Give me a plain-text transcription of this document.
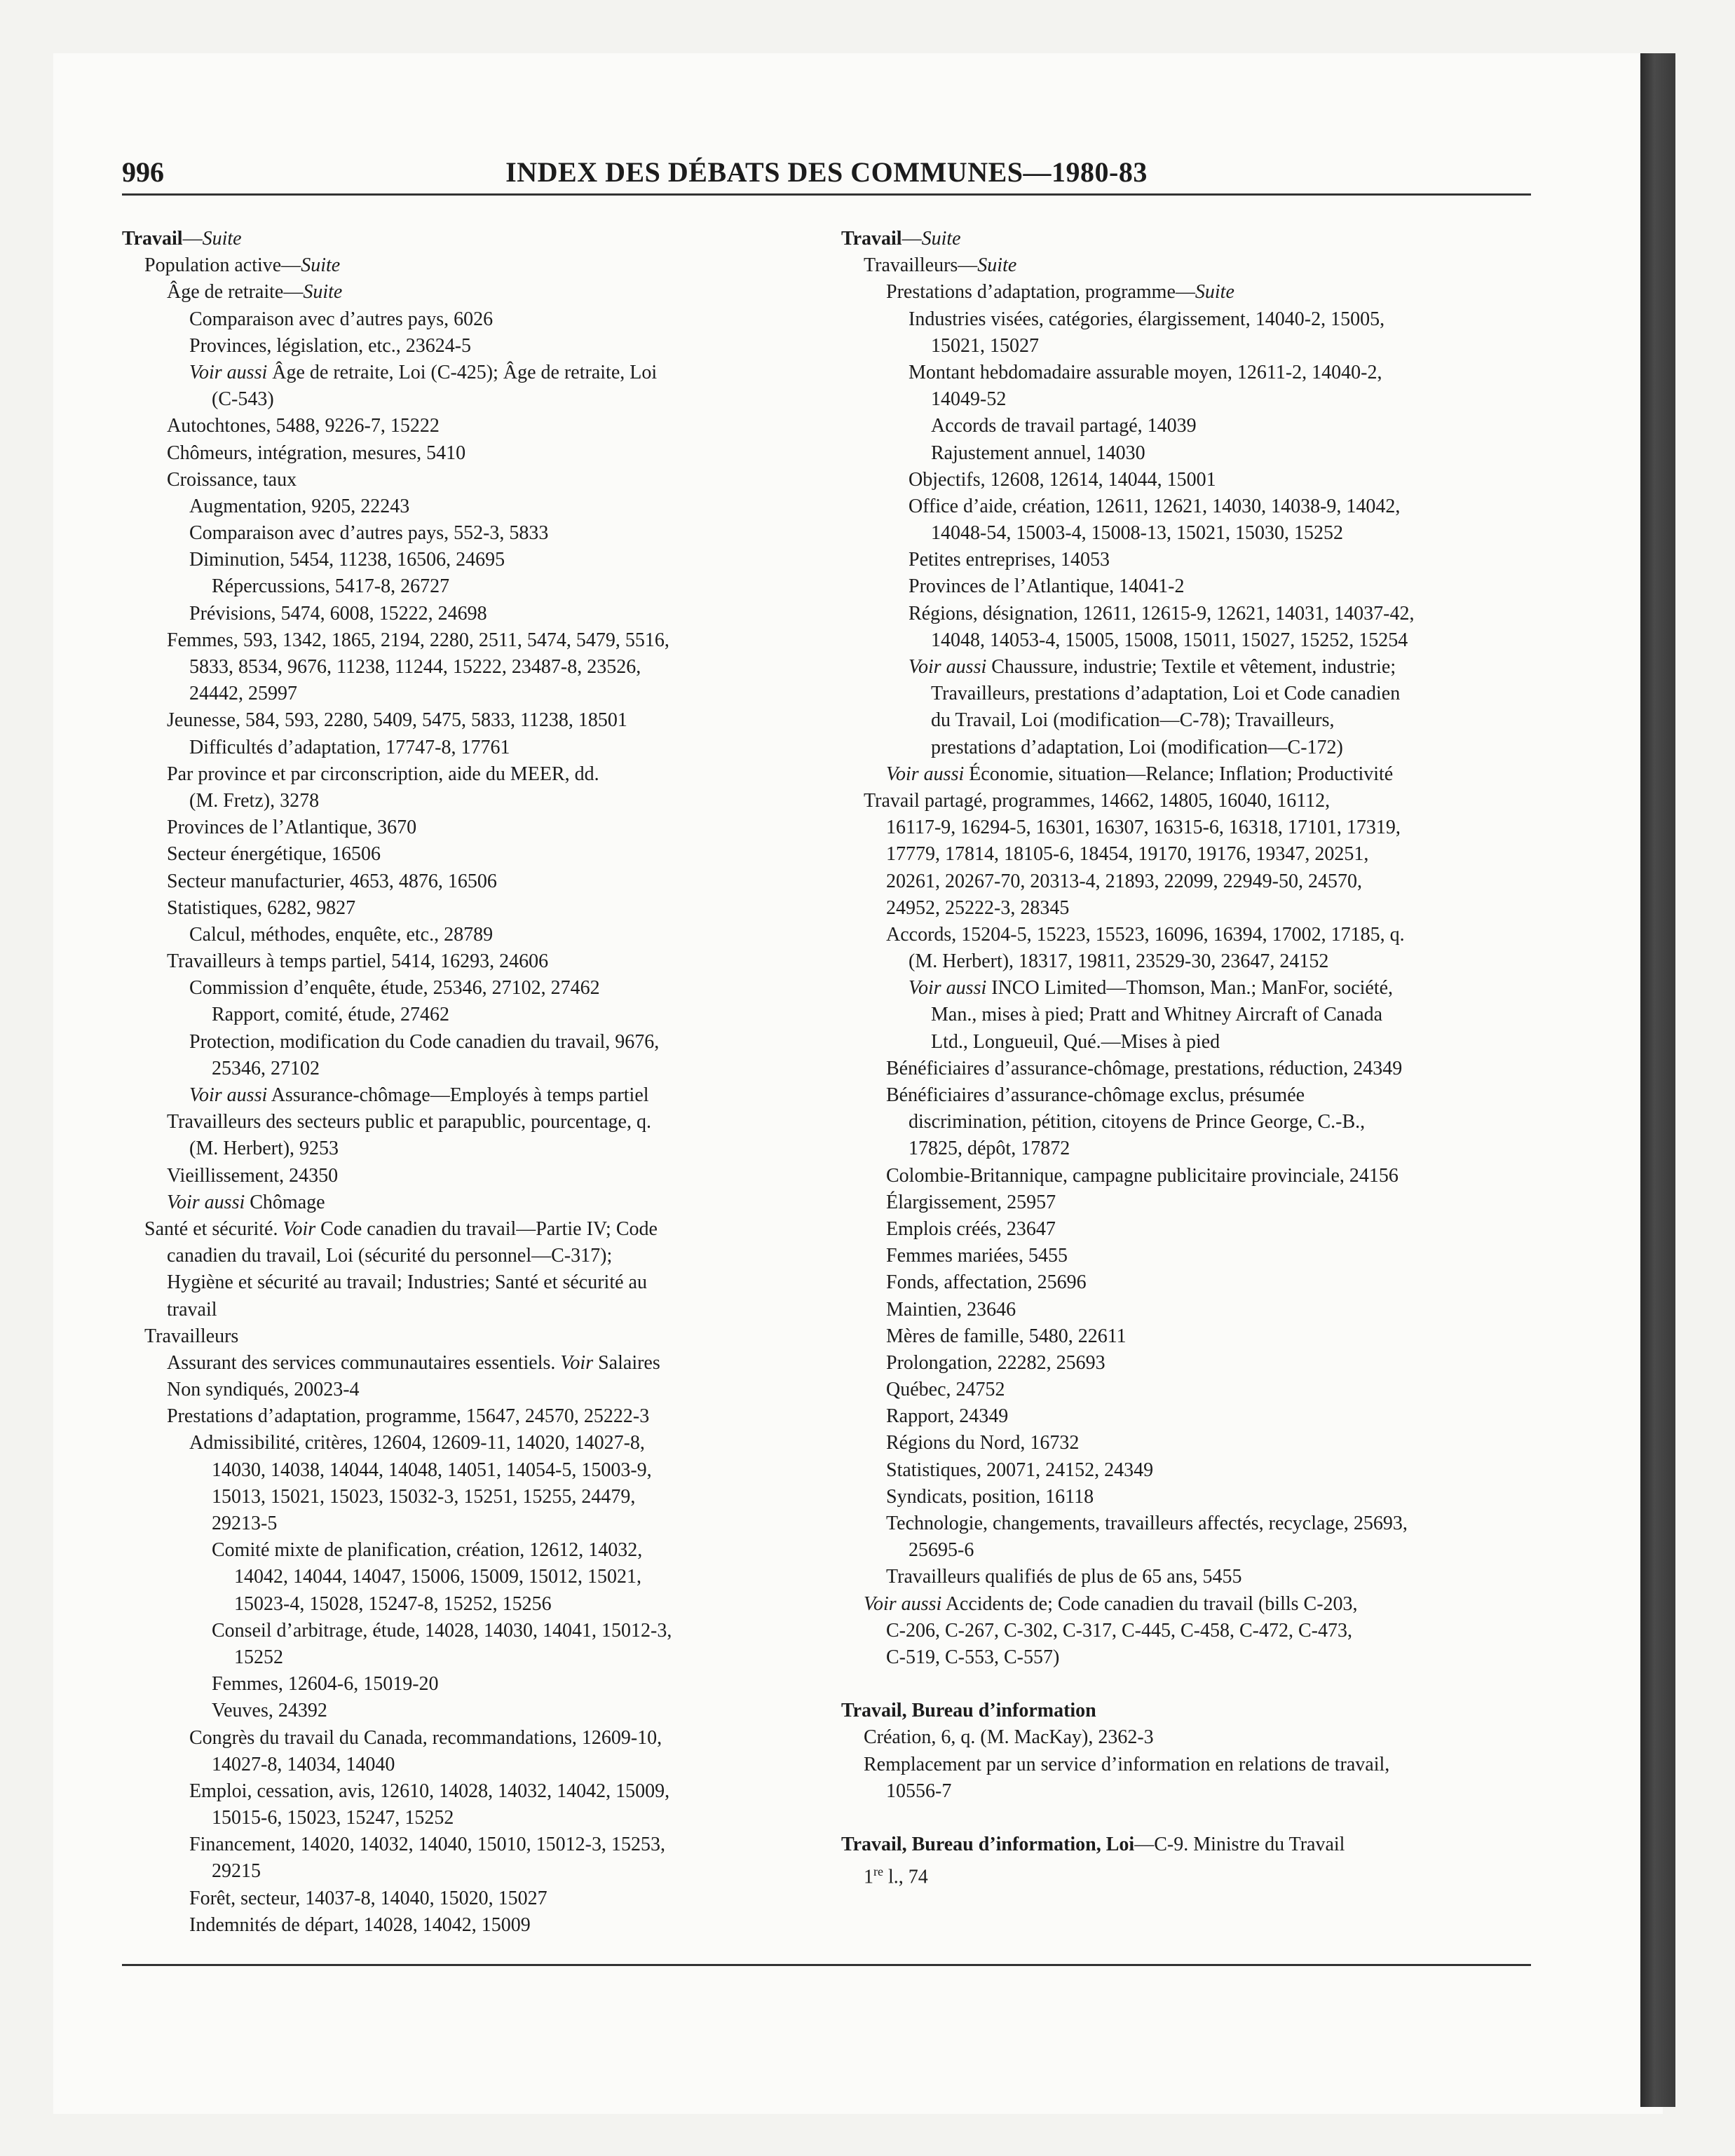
996	INDEX DES DÉBATS DES COMMUNES—1980-83
Travail—Suite
Population active—Suite
Âge de retraite—Suite
Comparaison avec d’autres pays, 6026
Provinces, législation, etc., 23624-5
Voir aussi Âge de retraite, Loi (C-425); Âge de retraite, Loi
(C-543)
Autochtones, 5488, 9226-7, 15222
Chômeurs, intégration, mesures, 5410
Croissance, taux
Augmentation, 9205, 22243
Comparaison avec d’autres pays, 552-3, 5833
Diminution, 5454, 11238, 16506, 24695
Répercussions, 5417-8, 26727
Prévisions, 5474, 6008, 15222, 24698
Femmes, 593, 1342, 1865, 2194, 2280, 2511, 5474, 5479, 5516,
5833, 8534, 9676, 11238, 11244, 15222, 23487-8, 23526,
24442, 25997
Jeunesse, 584, 593, 2280, 5409, 5475, 5833, 11238, 18501
Difficultés d’adaptation, 17747-8, 17761
Par province et par circonscription, aide du MEER, dd.
(M. Fretz), 3278
Provinces de l’Atlantique, 3670
Secteur énergétique, 16506
Secteur manufacturier, 4653, 4876, 16506
Statistiques, 6282, 9827
Calcul, méthodes, enquête, etc., 28789
Travailleurs à temps partiel, 5414, 16293, 24606
Commission d’enquête, étude, 25346, 27102, 27462
Rapport, comité, étude, 27462
Protection, modification du Code canadien du travail, 9676,
25346, 27102
Voir aussi Assurance-chômage—Employés à temps partiel
Travailleurs des secteurs public et parapublic, pourcentage, q.
(M. Herbert), 9253
Vieillissement, 24350
Voir aussi Chômage
Santé et sécurité. Voir Code canadien du travail—Partie IV; Code
canadien du travail, Loi (sécurité du personnel—C-317);
Hygiène et sécurité au travail; Industries; Santé et sécurité au
travail
Travailleurs
Assurant des services communautaires essentiels. Voir Salaires
Non syndiqués, 20023-4
Prestations d’adaptation, programme, 15647, 24570, 25222-3
Admissibilité, critères, 12604, 12609-11, 14020, 14027-8,
14030, 14038, 14044, 14048, 14051, 14054-5, 15003-9,
15013, 15021, 15023, 15032-3, 15251, 15255, 24479,
29213-5
Comité mixte de planification, création, 12612, 14032,
14042, 14044, 14047, 15006, 15009, 15012, 15021,
15023-4, 15028, 15247-8, 15252, 15256
Conseil d’arbitrage, étude, 14028, 14030, 14041, 15012-3,
15252
Femmes, 12604-6, 15019-20
Veuves, 24392
Congrès du travail du Canada, recommandations, 12609-10,
14027-8, 14034, 14040
Emploi, cessation, avis, 12610, 14028, 14032, 14042, 15009,
15015-6, 15023, 15247, 15252
Financement, 14020, 14032, 14040, 15010, 15012-3, 15253,
29215
Forêt, secteur, 14037-8, 14040, 15020, 15027
Indemnités de départ, 14028, 14042, 15009
Travail—Suite
Travailleurs—Suite
Prestations d’adaptation, programme—Suite
Industries visées, catégories, élargissement, 14040-2, 15005,
15021, 15027
Montant hebdomadaire assurable moyen, 12611-2, 14040-2,
14049-52
Accords de travail partagé, 14039
Rajustement annuel, 14030
Objectifs, 12608, 12614, 14044, 15001
Office d’aide, création, 12611, 12621, 14030, 14038-9, 14042,
14048-54, 15003-4, 15008-13, 15021, 15030, 15252
Petites entreprises, 14053
Provinces de l’Atlantique, 14041-2
Régions, désignation, 12611, 12615-9, 12621, 14031, 14037-42,
14048, 14053-4, 15005, 15008, 15011, 15027, 15252, 15254
Voir aussi Chaussure, industrie; Textile et vêtement, industrie;
Travailleurs, prestations d’adaptation, Loi et Code canadien
du Travail, Loi (modification—C-78); Travailleurs,
prestations d’adaptation, Loi (modification—C-172)
Voir aussi Économie, situation—Relance; Inflation; Productivité
Travail partagé, programmes, 14662, 14805, 16040, 16112,
16117-9, 16294-5, 16301, 16307, 16315-6, 16318, 17101, 17319,
17779, 17814, 18105-6, 18454, 19170, 19176, 19347, 20251,
20261, 20267-70, 20313-4, 21893, 22099, 22949-50, 24570,
24952, 25222-3, 28345
Accords, 15204-5, 15223, 15523, 16096, 16394, 17002, 17185, q.
(M. Herbert), 18317, 19811, 23529-30, 23647, 24152
Voir aussi INCO Limited—Thomson, Man.; ManFor, société,
Man., mises à pied; Pratt and Whitney Aircraft of Canada
Ltd., Longueuil, Qué.—Mises à pied
Bénéficiaires d’assurance-chômage, prestations, réduction, 24349
Bénéficiaires d’assurance-chômage exclus, présumée
discrimination, pétition, citoyens de Prince George, C.-B.,
17825, dépôt, 17872
Colombie-Britannique, campagne publicitaire provinciale, 24156
Élargissement, 25957
Emplois créés, 23647
Femmes mariées, 5455
Fonds, affectation, 25696
Maintien, 23646
Mères de famille, 5480, 22611
Prolongation, 22282, 25693
Québec, 24752
Rapport, 24349
Régions du Nord, 16732
Statistiques, 20071, 24152, 24349
Syndicats, position, 16118
Technologie, changements, travailleurs affectés, recyclage, 25693,
25695-6
Travailleurs qualifiés de plus de 65 ans, 5455
Voir aussi Accidents de; Code canadien du travail (bills C-203,
C-206, C-267, C-302, C-317, C-445, C-458, C-472, C-473,
C-519, C-553, C-557)
Travail, Bureau d’information
Création, 6, q. (M. MacKay), 2362-3
Remplacement par un service d’information en relations de travail,
10556-7
Travail, Bureau d’information, Loi—C-9. Ministre du Travail
1re l., 74
